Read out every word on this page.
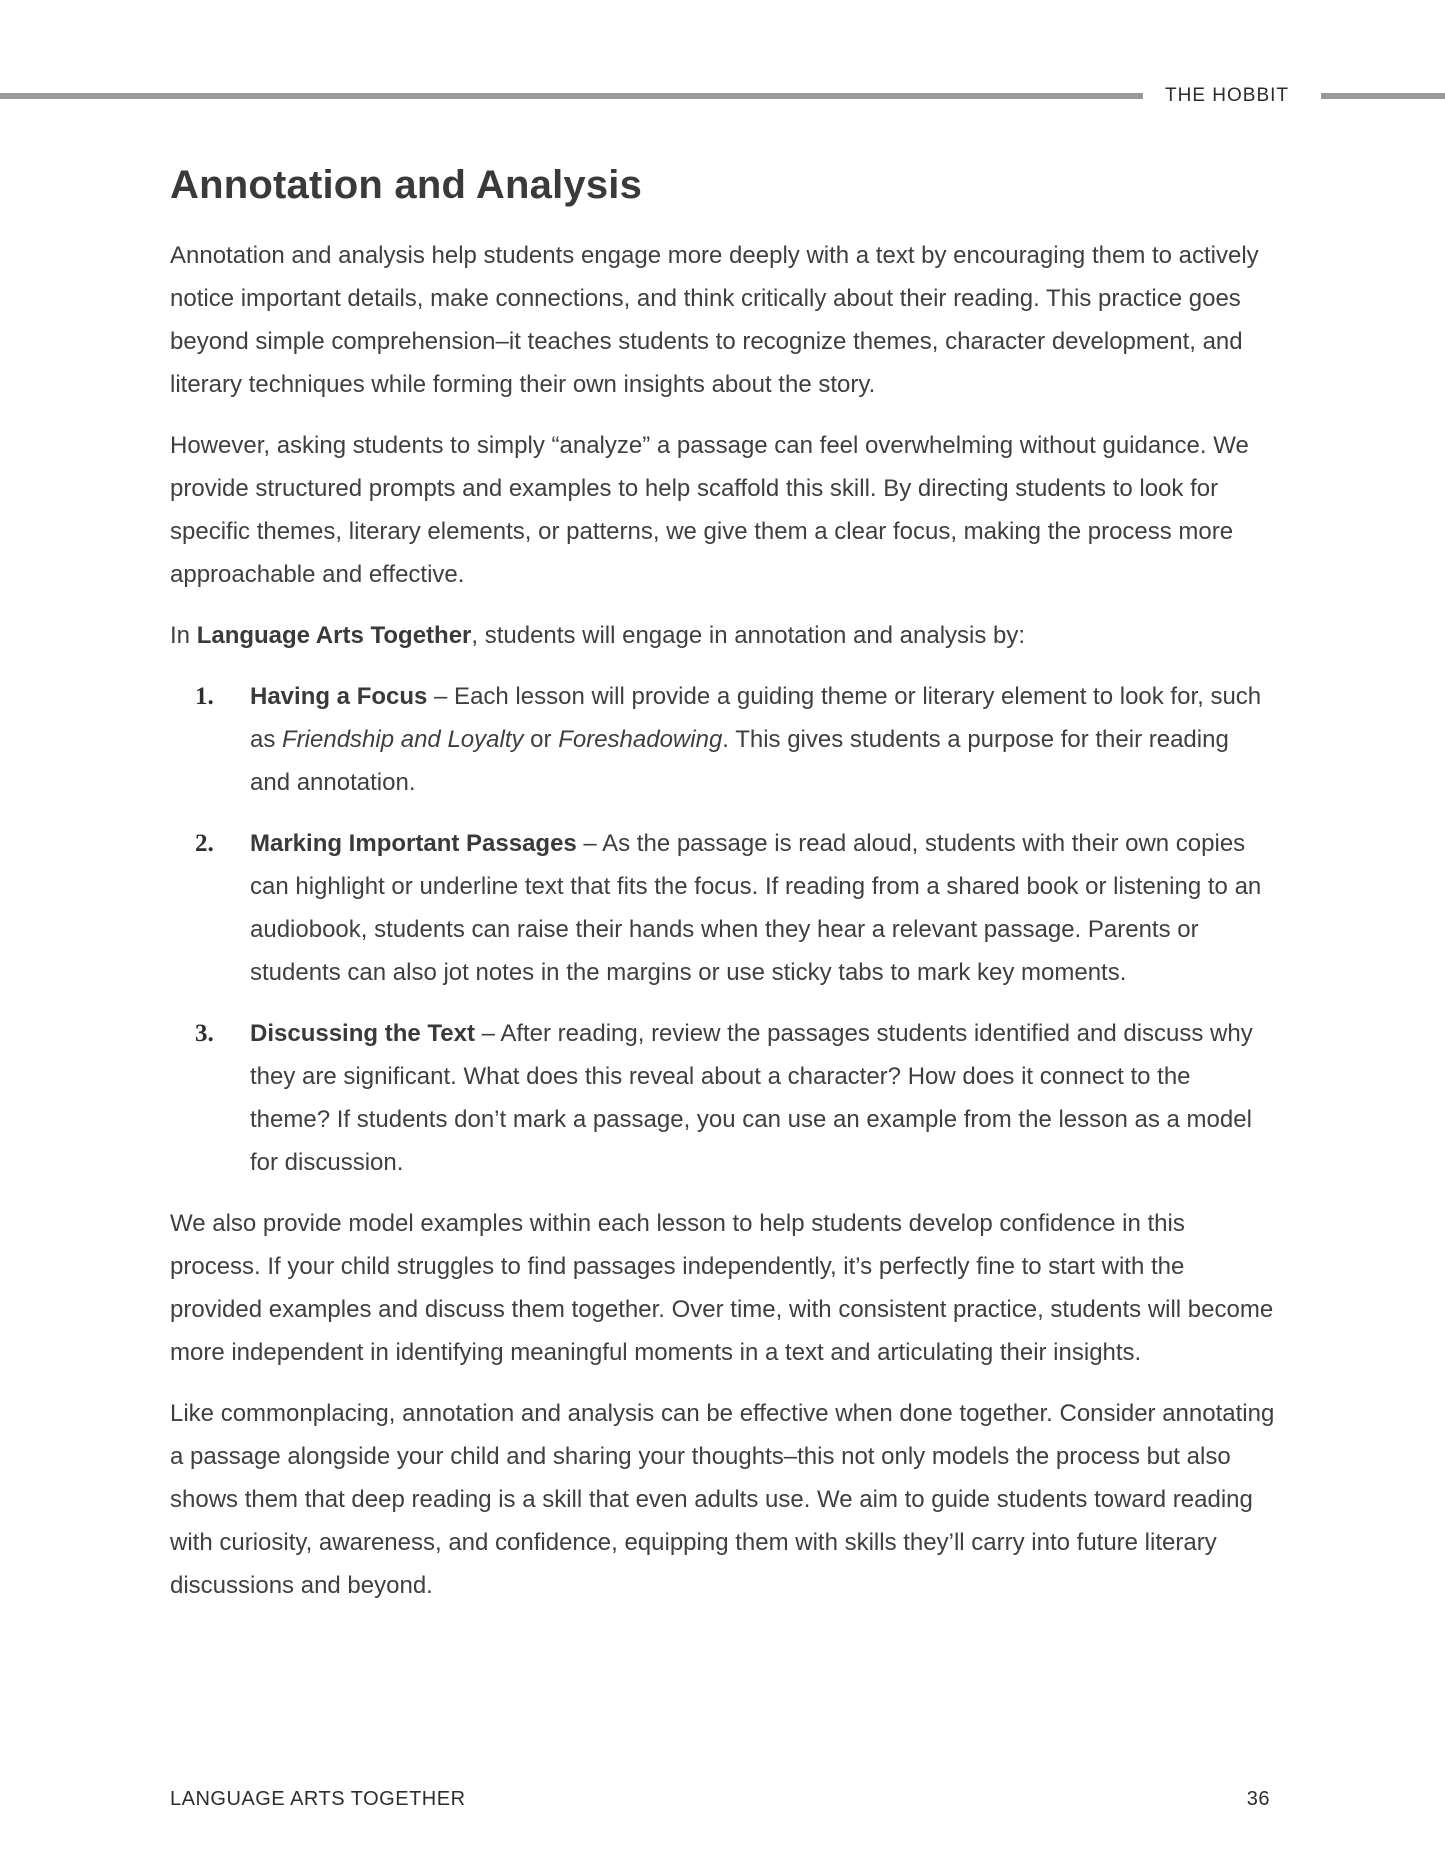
THE HOBBIT
Annotation and Analysis

Annotation and analysis help students engage more deeply with a text by encouraging them to actively notice important details, make connections, and think critically about their reading. This practice goes beyond simple comprehension–it teaches students to recognize themes, character development, and literary techniques while forming their own insights about the story.

However, asking students to simply “analyze” a passage can feel overwhelming without guidance. We provide structured prompts and examples to help scaffold this skill. By directing students to look for specific themes, literary elements, or patterns, we give them a clear focus, making the process more approachable and effective.

In Language Arts Together, students will engage in annotation and analysis by:

1. Having a Focus – Each lesson will provide a guiding theme or literary element to look for, such as Friendship and Loyalty or Foreshadowing. This gives students a purpose for their reading and annotation.
2. Marking Important Passages – As the passage is read aloud, students with their own copies can highlight or underline text that fits the focus. If reading from a shared book or listening to an audiobook, students can raise their hands when they hear a relevant passage. Parents or students can also jot notes in the margins or use sticky tabs to mark key moments.
3. Discussing the Text – After reading, review the passages students identified and discuss why they are significant. What does this reveal about a character? How does it connect to the theme? If students don’t mark a passage, you can use an example from the lesson as a model for discussion.

We also provide model examples within each lesson to help students develop confidence in this process. If your child struggles to find passages independently, it’s perfectly fine to start with the provided examples and discuss them together. Over time, with consistent practice, students will become more independent in identifying meaningful moments in a text and articulating their insights.

Like commonplacing, annotation and analysis can be effective when done together. Consider annotating a passage alongside your child and sharing your thoughts–this not only models the process but also shows them that deep reading is a skill that even adults use. We aim to guide students toward reading with curiosity, awareness, and confidence, equipping them with skills they’ll carry into future literary discussions and beyond.

LANGUAGE ARTS TOGETHER	36
